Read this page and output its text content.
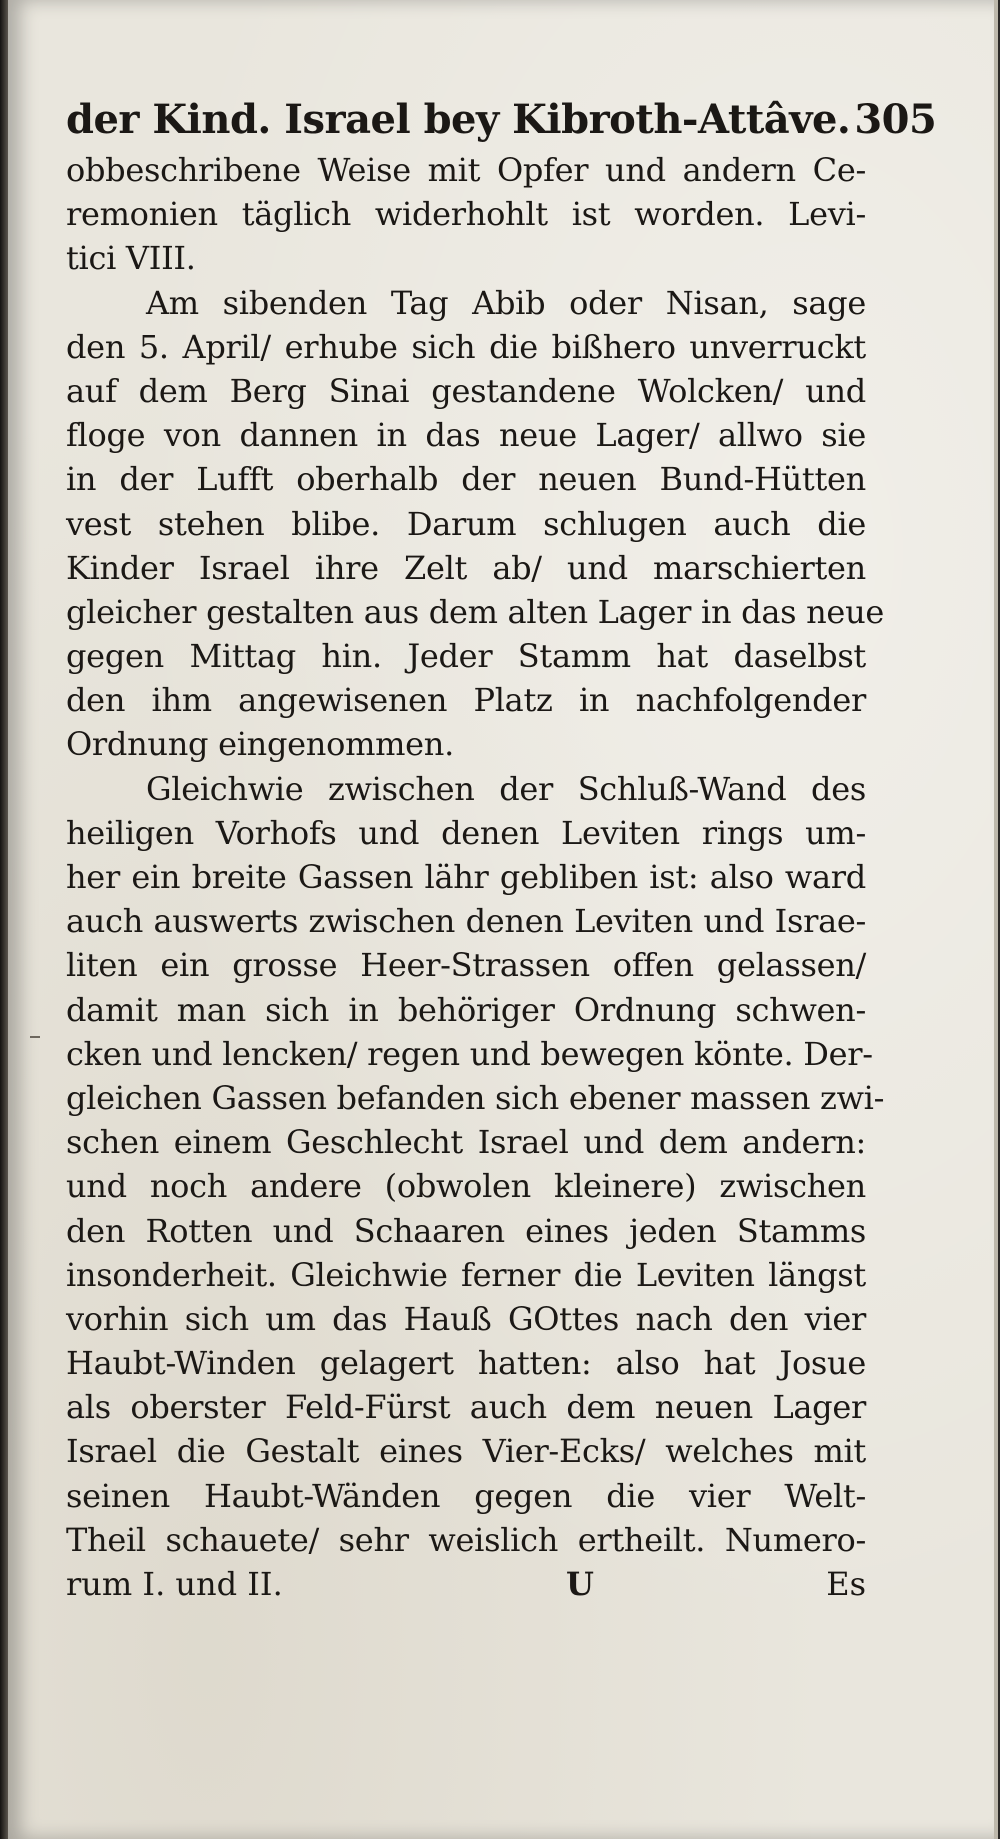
der Kind. Israel bey Kibroth-Attâve. 305
obbeschribene Weise mit Opfer und andern Ce-
remonien täglich widerhohlt ist worden. Levi-
tici VIII.
Am sibenden Tag Abib oder Nisan, sage
den 5. April/ erhube sich die bißhero unverruckt
auf dem Berg Sinai gestandene Wolcken/ und
floge von dannen in das neue Lager/ allwo sie
in der Lufft oberhalb der neuen Bund-Hütten
vest stehen blibe. Darum schlugen auch die
Kinder Israel ihre Zelt ab/ und marschierten
gleicher gestalten aus dem alten Lager in das neue
gegen Mittag hin. Jeder Stamm hat daselbst
den ihm angewisenen Platz in nachfolgender
Ordnung eingenommen.
Gleichwie zwischen der Schluß-Wand des
heiligen Vorhofs und denen Leviten rings um-
her ein breite Gassen lähr gebliben ist: also ward
auch auswerts zwischen denen Leviten und Israe-
liten ein grosse Heer-Strassen offen gelassen/
damit man sich in behöriger Ordnung schwen-
cken und lencken/ regen und bewegen könte. Der-
gleichen Gassen befanden sich ebener massen zwi-
schen einem Geschlecht Israel und dem andern:
und noch andere (obwolen kleinere) zwischen
den Rotten und Schaaren eines jeden Stamms
insonderheit. Gleichwie ferner die Leviten längst
vorhin sich um das Hauß GOttes nach den vier
Haubt-Winden gelagert hatten: also hat Josue
als oberster Feld-Fürst auch dem neuen Lager
Israel die Gestalt eines Vier-Ecks/ welches mit
seinen Haubt-Wänden gegen die vier Welt-
Theil schauete/ sehr weislich ertheilt. Numero-
rum I. und II.	U	Es
